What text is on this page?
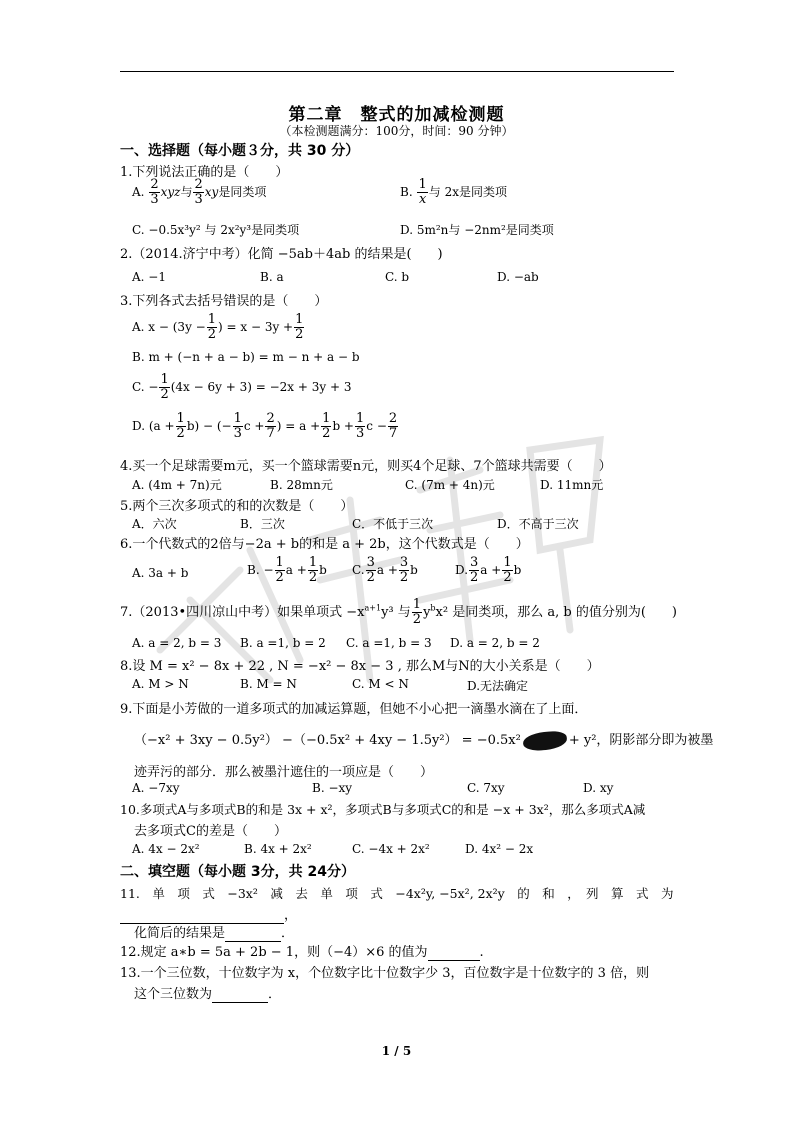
第二章　整式的加减检测题
（本检测题满分：100分，时间：90 分钟）
一、选择题（每小题３分，共 30 分）
1.下列说法正确的是（　　）
A. $\frac{2}{3}$ xyz与 $\frac{2}{3}$ xy是同类项	B. $\frac{1}{x}$ 与 2x是同类项
C. −0.5x³y² 与 2x²y³是同类项	D. 5m²n与 −2nm²是同类项
2.（2014.济宁中考）化简 −5ab＋4ab 的结果是(　　)
A. −1	B. a	C. b	D. −ab
3.下列各式去括号错误的是（　　）
A. $x - (3y - \frac{1}{2}$ ) = $x - 3y + \frac{1}{2}$
B. m + (−n + a − b) = m − n + a − b
C. − $\frac{1}{2} (4x - 6y + 3) = -2x + 3y + 3$
D. $(a + \frac{1}{2} b)$ − (− $\frac{1}{3}$ $c + \frac{2}{7}$ ) = $a + \frac{1}{2}$ $b + \frac{1}{3}$ $c - \frac{2}{7}$
4.买一个足球需要m元，买一个篮球需要n元，则买4个足球、7个篮球共需要（　　）
A. (4m + 7n)元	B. 28mn元	C. (7m + 4n)元	D. 11mn元
5.两个三次多项式的和的次数是（　　）
A．六次	B．三次	C．不低于三次	D．不高于三次
6.一个代数式的2倍与−2a + b的和是 a + 2b，这个代数式是（　　）
A. 3a + b	B. − $\frac{1}{2}$ $a + \frac{1}{2}$ b C. $\frac{3}{2}$ $a + \frac{3}{2}$ b	D. $\frac{3}{2}$ $a + \frac{1}{2}$ b
7.（2013•四川凉山中考）如果单项式 $-x^{a+1}y^3$ 与 $\frac{1}{2} y^bx^2$ 是同类项，那么 a, b 的值分别为(　　)
A. a = 2, b = 3 B. a =1, b = 2 C. a =1, b = 3 D. a = 2, b = 2
8.设 M = x² − 8x + 22 , N = −x² − 8x − 3 , 那么M与N的大小关系是（　　）
A. M > N	B. M = N	C. M < N	D.无法确定
9.下面是小芳做的一道多项式的加减运算题，但她不小心把一滴墨水滴在了上面．
（−x² + 3xy − 0.5y²） −（−0.5x² + 4xy − 1.5y²） = −0.5x²	+ y²，阴影部分即为被墨
迹弄污的部分．那么被墨汁遮住的一项应是（　　）
A. −7xy	B. −xy	C. 7xy	D. xy
10.多项式A与多项式B的和是 3x + x²，多项式B与多项式C的和是 −x + 3x²，那么多项式A减
去多项式C的差是（　　）
A. 4x − 2x²	B. 4x + 2x²	C. −4x + 2x²	D. 4x² − 2x
二、填空题（每小题 3分，共 24分）
11.　单　项　式　−3x²　减　去　单　项　式　−4x²y, −5x², 2x²y　的　和　，　列　算　式　为
，
化简后的结果是	．
12.规定 a∗b = 5a + 2b − 1，则（−4）×6 的值为	.
13.一个三位数，十位数字为 x，个位数字比十位数字少 3，百位数字是十位数字的 3 倍，则
这个三位数为	．
1 / 5
